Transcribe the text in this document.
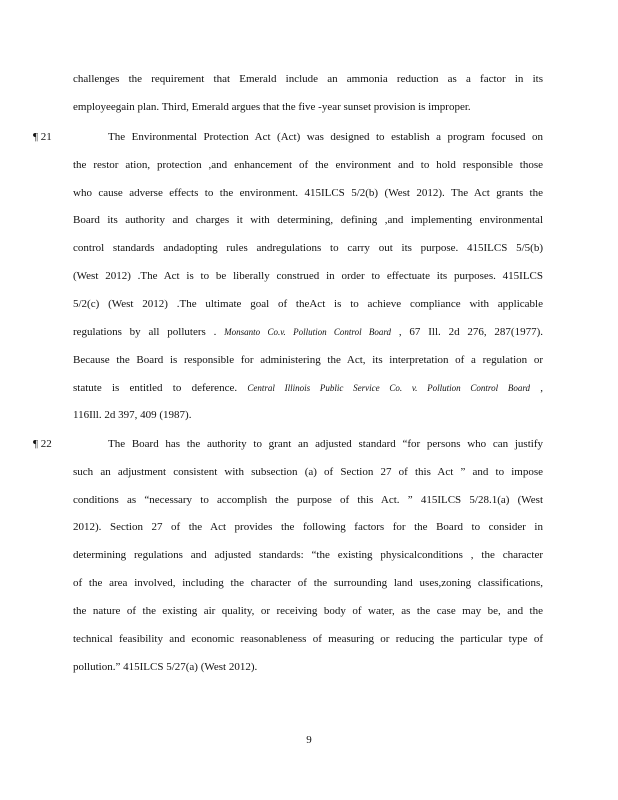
challenges the requirement that Emerald include an ammonia reduction as a factor in its
employeegain plan. Third, Emerald argues that the five -year sunset provision is improper.
¶ 21	The Environmental Protection Act (Act) was designed to establish a program focused on
the restor ation, protection ,and enhancement of the environment and to hold responsible those
who cause adverse effects to the environment. 415ILCS 5/2(b) (West 2012). The Act grants the
Board its authority and charges it with determining, defining ,and implementing environmental
control standards andadopting rules andregulations to carry out its purpose. 415ILCS 5/5(b)
(West 2012) .The Act is to be liberally construed in order to effectuate its purposes. 415ILCS
5/2(c) (West 2012) .The ultimate goal of theAct is to achieve compliance with applicable
regulations by all polluters . Monsanto Co.v. Pollution Control Board , 67 Ill. 2d 276, 287(1977).
Because the Board is responsible for administering the Act, its interpretation of a regulation or
statute is entitled to deference. Central Illinois Public Service Co. v. Pollution Control Board ,
116Ill. 2d 397, 409 (1987).
¶ 22	The Board has the authority to grant an adjusted standard “for persons who can justify
such an adjustment consistent with subsection (a) of Section 27 of this Act ” and to impose
conditions as “necessary to accomplish the purpose of this Act. ” 415ILCS 5/28.1(a) (West
2012). Section 27 of the Act provides the following factors for the Board to consider in
determining regulations and adjusted standards: “the existing physicalconditions , the character
of the area involved, including the character of the surrounding land uses,zoning classifications,
the nature of the existing air quality, or receiving body of water, as the case may be, and the
technical feasibility and economic reasonableness of measuring or reducing the particular type of
pollution.” 415ILCS 5/27(a) (West 2012).
9
